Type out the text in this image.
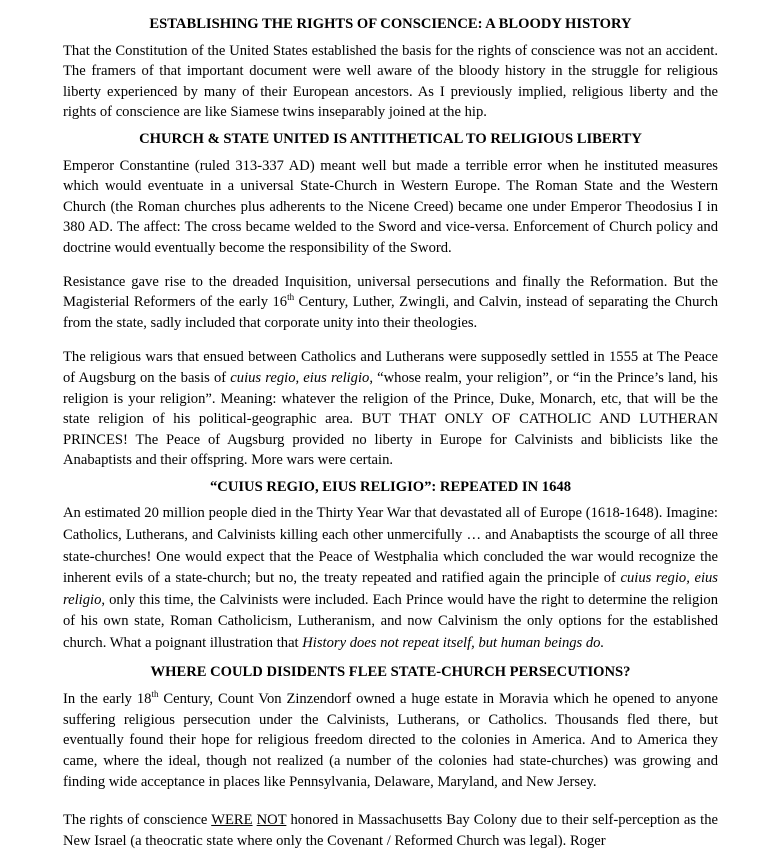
ESTABLISHING THE RIGHTS OF CONSCIENCE: A BLOODY HISTORY

That the Constitution of the United States established the basis for the rights of conscience was not an accident. The framers of that important document were well aware of the bloody history in the struggle for religious liberty experienced by many of their European ancestors. As I previously implied, religious liberty and the rights of conscience are like Siamese twins inseparably joined at the hip.

CHURCH & STATE UNITED IS ANTITHETICAL TO RELIGIOUS LIBERTY

Emperor Constantine (ruled 313-337 AD) meant well but made a terrible error when he instituted measures which would eventuate in a universal State-Church in Western Europe. The Roman State and the Western Church (the Roman churches plus adherents to the Nicene Creed) became one under Emperor Theodosius I in 380 AD. The affect: The cross became welded to the Sword and vice-versa. Enforcement of Church policy and doctrine would eventually become the responsibility of the Sword.

Resistance gave rise to the dreaded Inquisition, universal persecutions and finally the Reformation. But the Magisterial Reformers of the early 16th Century, Luther, Zwingli, and Calvin, instead of separating the Church from the state, sadly included that corporate unity into their theologies.

The religious wars that ensued between Catholics and Lutherans were supposedly settled in 1555 at The Peace of Augsburg on the basis of cuius regio, eius religio, “whose realm, your religion”, or “in the Prince’s land, his religion is your religion”. Meaning: whatever the religion of the Prince, Duke, Monarch, etc, that will be the state religion of his political-geographic area. BUT THAT ONLY OF CATHOLIC AND LUTHERAN PRINCES! The Peace of Augsburg provided no liberty in Europe for Calvinists and biblicists like the Anabaptists and their offspring. More wars were certain.

“CUIUS REGIO, EIUS RELIGIO”: REPEATED IN 1648

An estimated 20 million people died in the Thirty Year War that devastated all of Europe (1618-1648). Imagine: Catholics, Lutherans, and Calvinists killing each other unmercifully … and Anabaptists the scourge of all three state-churches! One would expect that the Peace of Westphalia which concluded the war would recognize the inherent evils of a state-church; but no, the treaty repeated and ratified again the principle of cuius regio, eius religio, only this time, the Calvinists were included. Each Prince would have the right to determine the religion of his own state, Roman Catholicism, Lutheranism, and now Calvinism the only options for the established church. What a poignant illustration that History does not repeat itself, but human beings do.

WHERE COULD DISIDENTS FLEE STATE-CHURCH PERSECUTIONS?

In the early 18th Century, Count Von Zinzendorf owned a huge estate in Moravia which he opened to anyone suffering religious persecution under the Calvinists, Lutherans, or Catholics. Thousands fled there, but eventually found their hope for religious freedom directed to the colonies in America. And to America they came, where the ideal, though not realized (a number of the colonies had state-churches) was growing and finding wide acceptance in places like Pennsylvania, Delaware, Maryland, and New Jersey.

The rights of conscience WERE NOT honored in Massachusetts Bay Colony due to their self-perception as the New Israel (a theocratic state where only the Covenant / Reformed Church was legal). Roger
